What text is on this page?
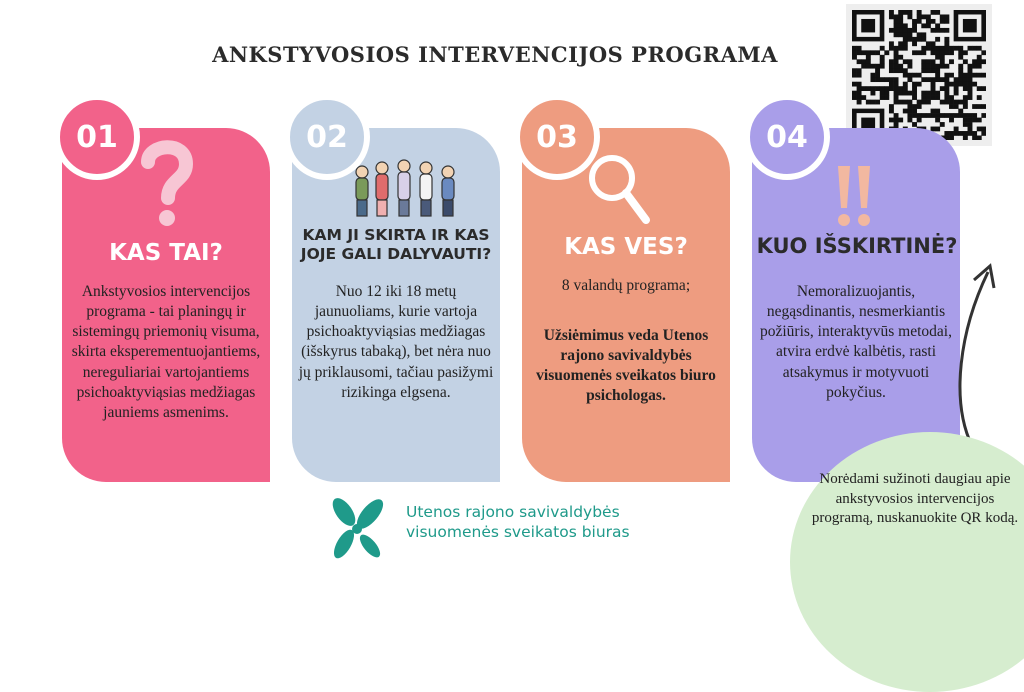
ANKSTYVOSIOS INTERVENCIJOS PROGRAMA
01	02	03	04
KAS TAI?
Ankstyvosios intervencijos programa - tai planingų ir sistemingų priemonių visuma, skirta eksperementuojantiems, nereguliariai vartojantiems psichoaktyviąsias medžiagas jauniems asmenims.
KAM JI SKIRTA IR KAS JOJE GALI DALYVAUTI?
Nuo 12 iki 18 metų jaunuoliams, kurie vartoja psichoaktyviąsias medžiagas (išskyrus tabaką), bet nėra nuo jų priklausomi, tačiau pasižymi rizikinga elgsena.
KAS VES?
8 valandų programa;
Užsiėmimus veda Utenos rajono savivaldybės visuomenės sveikatos biuro psichologas.
KUO IŠSKIRTINĖ?
Nemoralizuojantis, negąsdinantis, nesmerkiantis požiūris, interaktyvūs metodai, atvira erdvė kalbėtis, rasti atsakymus ir motyvuoti pokyčius.
Norėdami sužinoti daugiau apie ankstyvosios intervencijos programą, nuskanuokite QR kodą.
Utenos rajono savivaldybės
visuomenės sveikatos biuras
